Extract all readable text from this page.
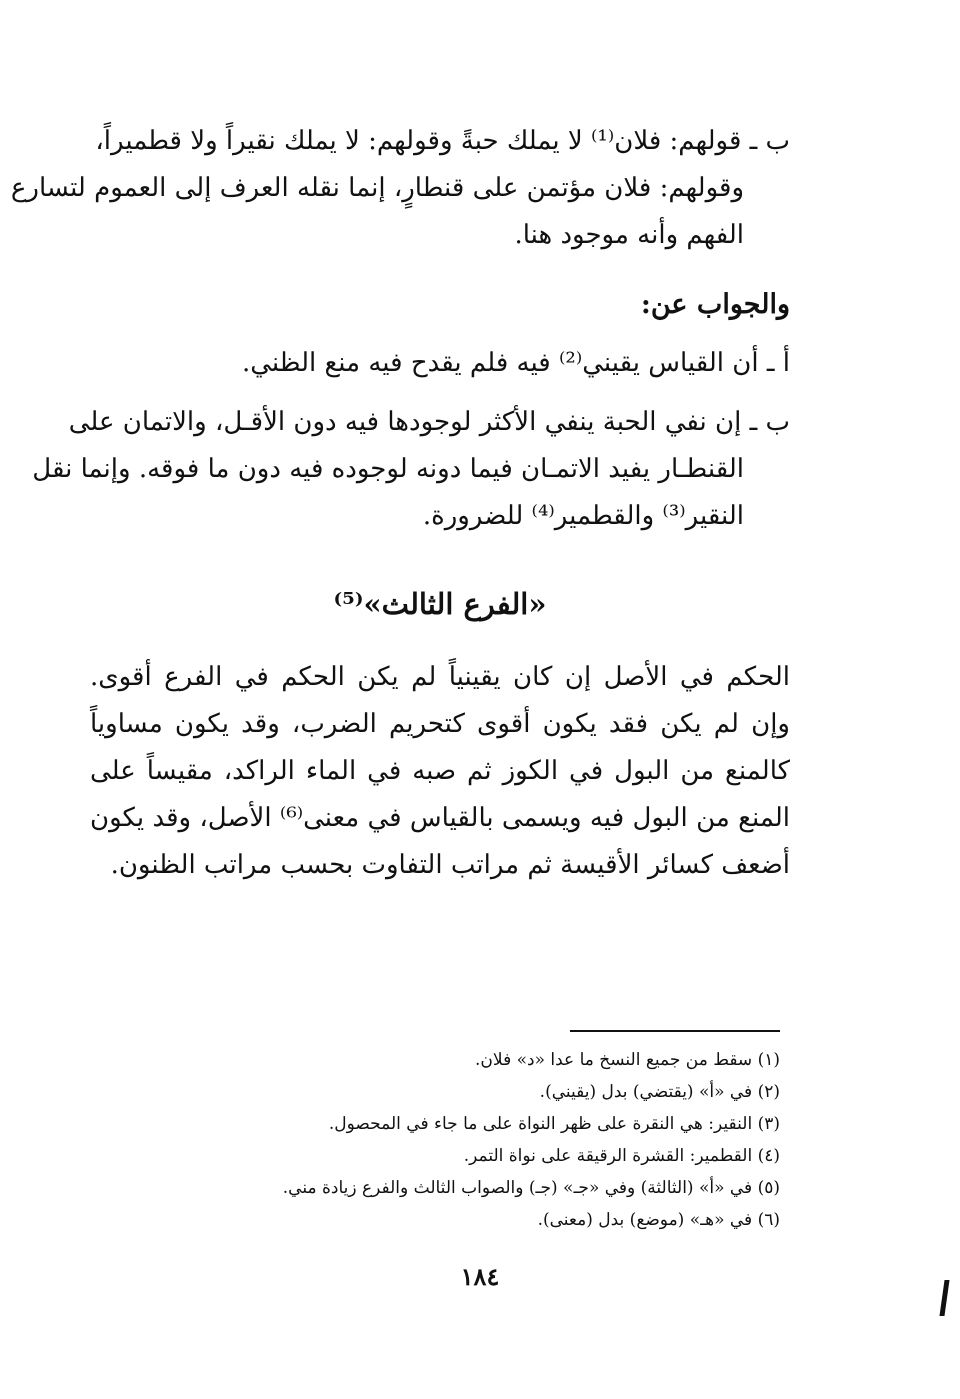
ب ـ قولهم: فلان⁽¹⁾ لا يملك حبةً وقولهم: لا يملك نقيراً ولا قطميراً،

وقولهم: فلان مؤتمن على قنطارٍ، إنما نقله العرف إلى العموم لتسارع

الفهم وأنه موجود هنا.

والجواب عن:

أ ـ أن القياس يقيني⁽²⁾ فيه فلم يقدح فيه منع الظني.

ب ـ إن نفي الحبة ينفي الأكثر لوجودها فيه دون الأقـل، والاتمان على

القنطـار يفيد الاتمـان فيما دونه لوجوده فيه دون ما فوقه. وإنما نقل

النقير⁽³⁾ والقطمير⁽⁴⁾ للضرورة.

«الفرع الثالث»⁽⁵⁾

الحكم في الأصل إن كان يقينياً لم يكن الحكم في الفرع أقوى. وإن لم يكن فقد يكون أقوى كتحريم الضرب، وقد يكون مساوياً كالمنع من البول في الكوز ثم صبه في الماء الراكد، مقيساً على المنع من البول فيه ويسمى بالقياس في معنى⁽⁶⁾ الأصل، وقد يكون أضعف كسائر الأقيسة ثم مراتب التفاوت بحسب مراتب الظنون.

(١) سقط من جميع النسخ ما عدا «د» فلان.
(٢) في «أ» (يقتضي) بدل (يقيني).
(٣) النقير: هي النقرة على ظهر النواة على ما جاء في المحصول.
(٤) القطمير: القشرة الرقيقة على نواة التمر.
(٥) في «أ» (الثالثة) وفي «جـ» (جـ) والصواب الثالث والفرع زيادة مني.
(٦) في «هـ» (موضع) بدل (معنى).
١٨٤
